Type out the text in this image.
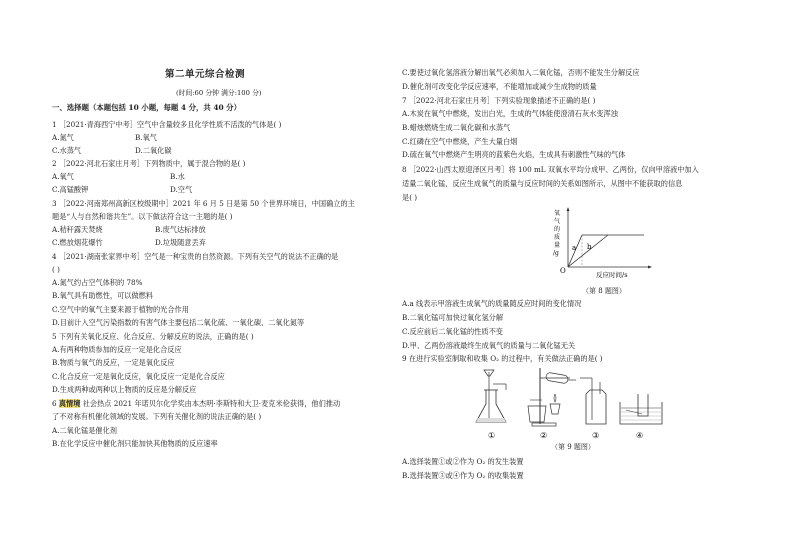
第二单元综合检测
(时间:60 分钟 满分:100 分)
一、选择题（本题包括 10 小题，每题 4 分，共 40 分）
1 ［2021·青海西宁中考］空气中含量较多且化学性质不活泼的气体是( )
A.氮气	B.氧气
C.水蒸气	D.二氧化碳
2 ［2022·河北石家庄月考］下列物质中，属于混合物的是( )
A.氧气	B.水
C.高锰酸钾	D.空气
3 ［2022·河南郑州高新区校级期中］2021 年 6 月 5 日是第 50 个世界环境日，中国确立的主
题是“人与自然和谐共生”。以下做法符合这一主题的是( )
A.秸秆露天焚烧	B.废气达标排放
C.燃放烟花爆竹	D.垃圾随意丢弃
4 ［2021·湖南张家界中考］空气是一种宝贵的自然资源。下列有关空气的说法不正确的是
( )
A.氮气约占空气体积的 78%
B.氧气具有助燃性，可以做燃料
C.空气中的氧气主要来源于植物的光合作用
D.目前计入空气污染指数的有害气体主要包括二氧化硫、一氧化碳、二氧化氮等
5 下列有关氧化反应、化合反应、分解反应的说法，正确的是( )
A.有两种物质参加的反应一定是化合反应
B.物质与氧气的反应，一定是氧化反应
C.化合反应一定是氧化反应，氧化反应一定是化合反应
D.生成两种或两种以上物质的反应是分解反应
6 真情境 社会热点 2021 年诺贝尔化学奖由本杰明·李斯特和大卫·麦克米伦获得，他们推动
了不对称有机催化领域的发展。下列有关催化剂的说法正确的是( )
A.二氧化锰是催化剂
B.在化学反应中催化剂只能加快其他物质的反应速率
C.要使过氧化氢溶液分解出氧气必须加入二氧化锰，否则不能发生分解反应
D.催化剂可改变化学反应速率，不能增加或减少生成物的质量
7 ［2022·河北石家庄月考］下列实验现象描述不正确的是( )
A.木炭在氧气中燃烧，发出白光，生成的气体能使澄清石灰水变浑浊
B.蜡烛燃烧生成二氧化碳和水蒸气
C.红磷在空气中燃烧，产生大量白烟
D.硫在氧气中燃烧产生明亮的蓝紫色火焰，生成具有刺激性气味的气体
8 ［2022·山西太原迎泽区月考］将 100 mL 双氧水平均分成甲、乙两份，仅向甲溶液中加入
适量二氧化锰，反应生成氧气的质量与反应时间的关系如图所示，从图中不能获取的信息
是( )
a b
O	反应时间/s
氧
气
的
质
量
/g
（第 8 题图）
A.a 线表示甲溶液生成氧气的质量随反应时间的变化情况
B.二氧化锰可加快过氧化氢分解
C.反应前后二氧化锰的性质不变
D.甲、乙两份溶液最终生成氧气的质量与二氧化锰无关
9 在进行实验室制取和收集 O₂ 的过程中，有关做法正确的是( )
①	②	③	④
（第 9 题图）
A.选择装置①或②作为 O₂ 的发生装置
B.选择装置③或④作为 O₂ 的收集装置
